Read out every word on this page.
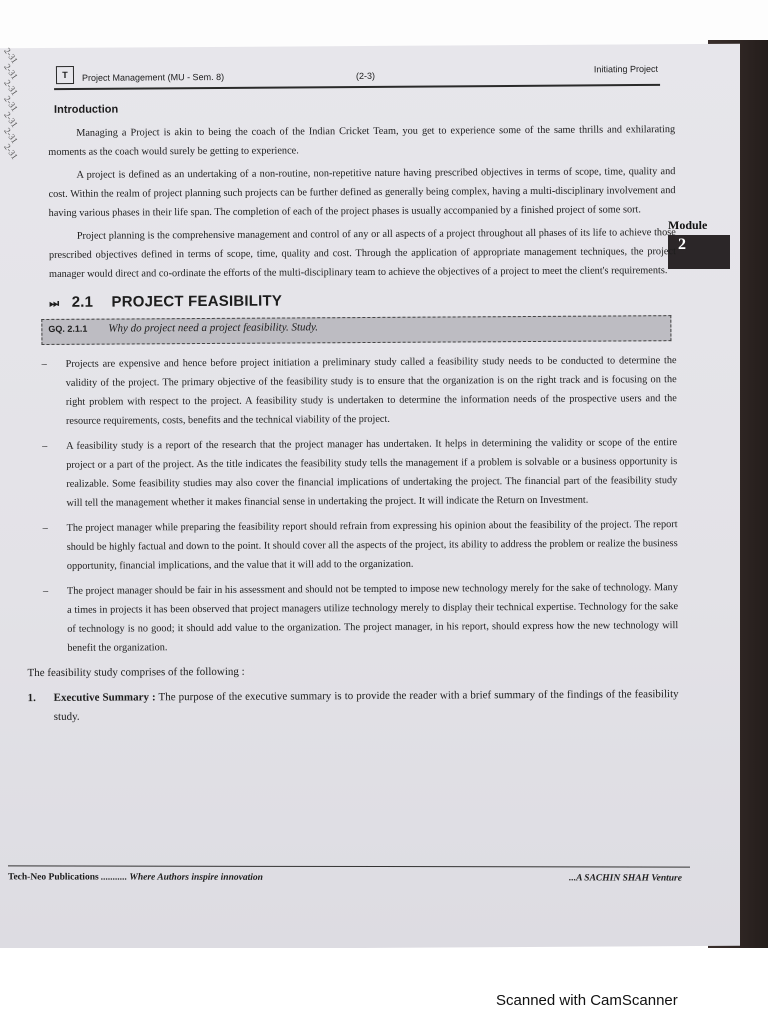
2-31
2-31
2-31
2-31
2-31
2-31
2-31
T	Project Management (MU - Sem. 8)	(2-3)
Initiating Project
Module
2
Introduction

Managing a Project is akin to being the coach of the Indian Cricket Team, you get to experience some of the same thrills and exhilarating moments as the coach would surely be getting to experience.

A project is defined as an undertaking of a non-routine, non-repetitive nature having prescribed objectives in terms of scope, time, quality and cost. Within the realm of project planning such projects can be further defined as generally being complex, having a multi-disciplinary involvement and having various phases in their life span. The completion of each of the project phases is usually accompanied by a finished project of some sort.

Project planning is the comprehensive management and control of any or all aspects of a project throughout all phases of its life to achieve those prescribed objectives defined in terms of scope, time, quality and cost. Through the application of appropriate management techniques, the project manager would direct and co-ordinate the efforts of the multi-disciplinary team to achieve the objectives of a project to meet the client's requirements.

⏭ 2.1 PROJECT FEASIBILITY
GQ. 2.1.1 Why do project need a project feasibility. Study.
– Projects are expensive and hence before project initiation a preliminary study called a feasibility study needs to be conducted to determine the validity of the project. The primary objective of the feasibility study is to ensure that the organization is on the right track and is focusing on the right problem with respect to the project. A feasibility study is undertaken to determine the information needs of the prospective users and the resource requirements, costs, benefits and the technical viability of the project.
– A feasibility study is a report of the research that the project manager has undertaken. It helps in determining the validity or scope of the entire project or a part of the project. As the title indicates the feasibility study tells the management if a problem is solvable or a business opportunity is realizable. Some feasibility studies may also cover the financial implications of undertaking the project. The financial part of the feasibility study will tell the management whether it makes financial sense in undertaking the project. It will indicate the Return on Investment.
– The project manager while preparing the feasibility report should refrain from expressing his opinion about the feasibility of the project. The report should be highly factual and down to the point. It should cover all the aspects of the project, its ability to address the problem or realize the business opportunity, financial implications, and the value that it will add to the organization.
– The project manager should be fair in his assessment and should not be tempted to impose new technology merely for the sake of technology. Many a times in projects it has been observed that project managers utilize technology merely to display their technical expertise. Technology for the sake of technology is no good; it should add value to the organization. The project manager, in his report, should express how the new technology will benefit the organization.
The feasibility study comprises of the following :
1. Executive Summary : The purpose of the executive summary is to provide the reader with a brief summary of the findings of the feasibility study.
Tech-Neo Publications ........... Where Authors inspire innovation	...A SACHIN SHAH Venture
Scanned with CamScanner
